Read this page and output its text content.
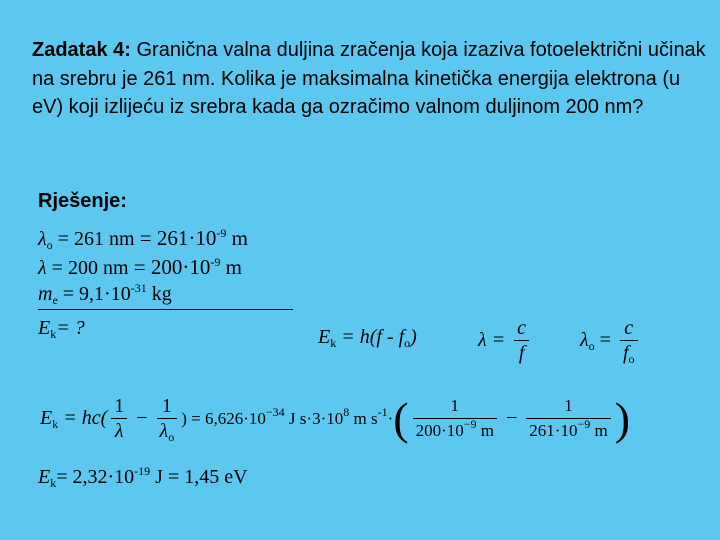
Zadatak 4: Granična valna duljina zračenja koja izaziva fotoelektrični učinak na srebru je 261 nm. Kolika je maksimalna kinetička energija elektrona (u eV) koji izlijeću iz srebra kada ga ozračimo valnom duljinom 200 nm?
Rješenje:
$\lambda_o = 261$ nm = $261\cdot 10^{-9}$ m
λ = 200 nm = $200\cdot 10^{-9}$ m
$m_e = 9,1\cdot 10^{-31}$ kg
$E_k=$ ?	$E_k = h(f - f_o)$	$\lambda = \frac{c}{f}$	$\lambda_o = \frac{c}{f_o}$
$E_k = hc( \frac{1}{\lambda} - \frac{1}{\lambda_o}$ ) = $6,626\cdot 10^{-34}$ J $s\cdot 3\cdot 10^8$ m $s^{-1}\cdot( \frac{1}{200\cdot 10^{-9} m} - \frac{1}{261\cdot 10^{-9} m}$ )
$E_k= 2,32\cdot 10^{-19}$ J = 1,45 eV
